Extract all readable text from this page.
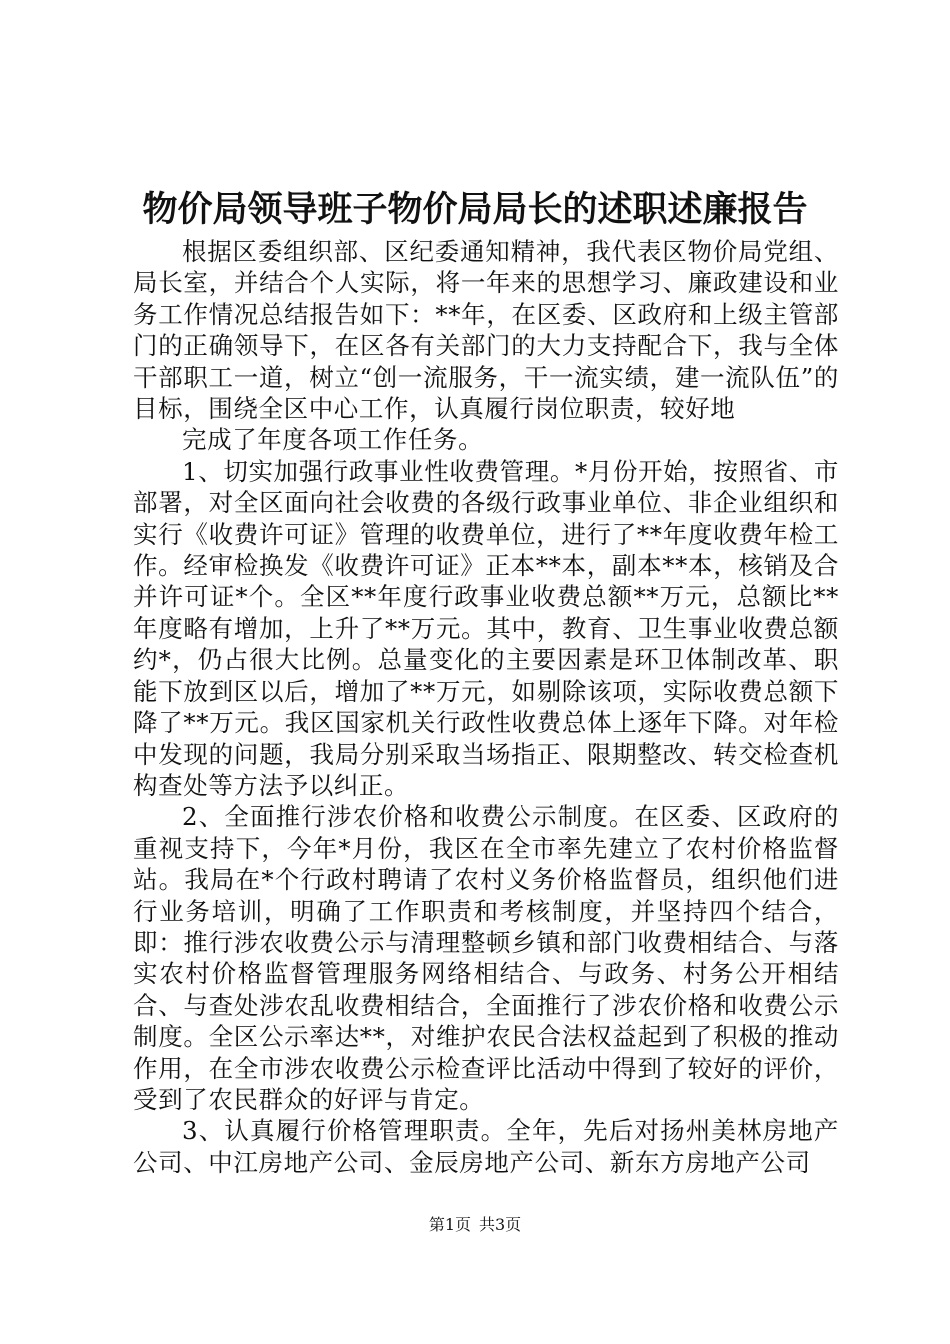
物价局领导班子物价局局长的述职述廉报告

根据区委组织部、区纪委通知精神，我代表区物价局党组、局长室，并结合个人实际，将一年来的思想学习、廉政建设和业务工作情况总结报告如下：**年，在区委、区政府和上级主管部门的正确领导下，在区各有关部门的大力支持配合下，我与全体干部职工一道，树立“创一流服务，干一流实绩，建一流队伍”的目标，围绕全区中心工作，认真履行岗位职责，较好地

完成了年度各项工作任务。

1、切实加强行政事业性收费管理。*月份开始，按照省、市部署，对全区面向社会收费的各级行政事业单位、非企业组织和实行《收费许可证》管理的收费单位，进行了**年度收费年检工作。经审检换发《收费许可证》正本**本，副本**本，核销及合并许可证*个。全区**年度行政事业收费总额**万元，总额比**年度略有增加，上升了**万元。其中，教育、卫生事业收费总额约*，仍占很大比例。总量变化的主要因素是环卫体制改革、职能下放到区以后，增加了**万元，如剔除该项，实际收费总额下降了**万元。我区国家机关行政性收费总体上逐年下降。对年检中发现的问题，我局分别采取当场指正、限期整改、转交检查机构查处等方法予以纠正。

2、全面推行涉农价格和收费公示制度。在区委、区政府的重视支持下，今年*月份，我区在全市率先建立了农村价格监督站。我局在*个行政村聘请了农村义务价格监督员，组织他们进行业务培训，明确了工作职责和考核制度，并坚持四个结合，即：推行涉农收费公示与清理整顿乡镇和部门收费相结合、与落实农村价格监督管理服务网络相结合、与政务、村务公开相结合、与查处涉农乱收费相结合，全面推行了涉农价格和收费公示制度。全区公示率达**，对维护农民合法权益起到了积极的推动作用，在全市涉农收费公示检查评比活动中得到了较好的评价，受到了农民群众的好评与肯定。

3、认真履行价格管理职责。全年，先后对扬州美林房地产公司、中江房地产公司、金辰房地产公司、新东方房地产公司

第1页 共3页
